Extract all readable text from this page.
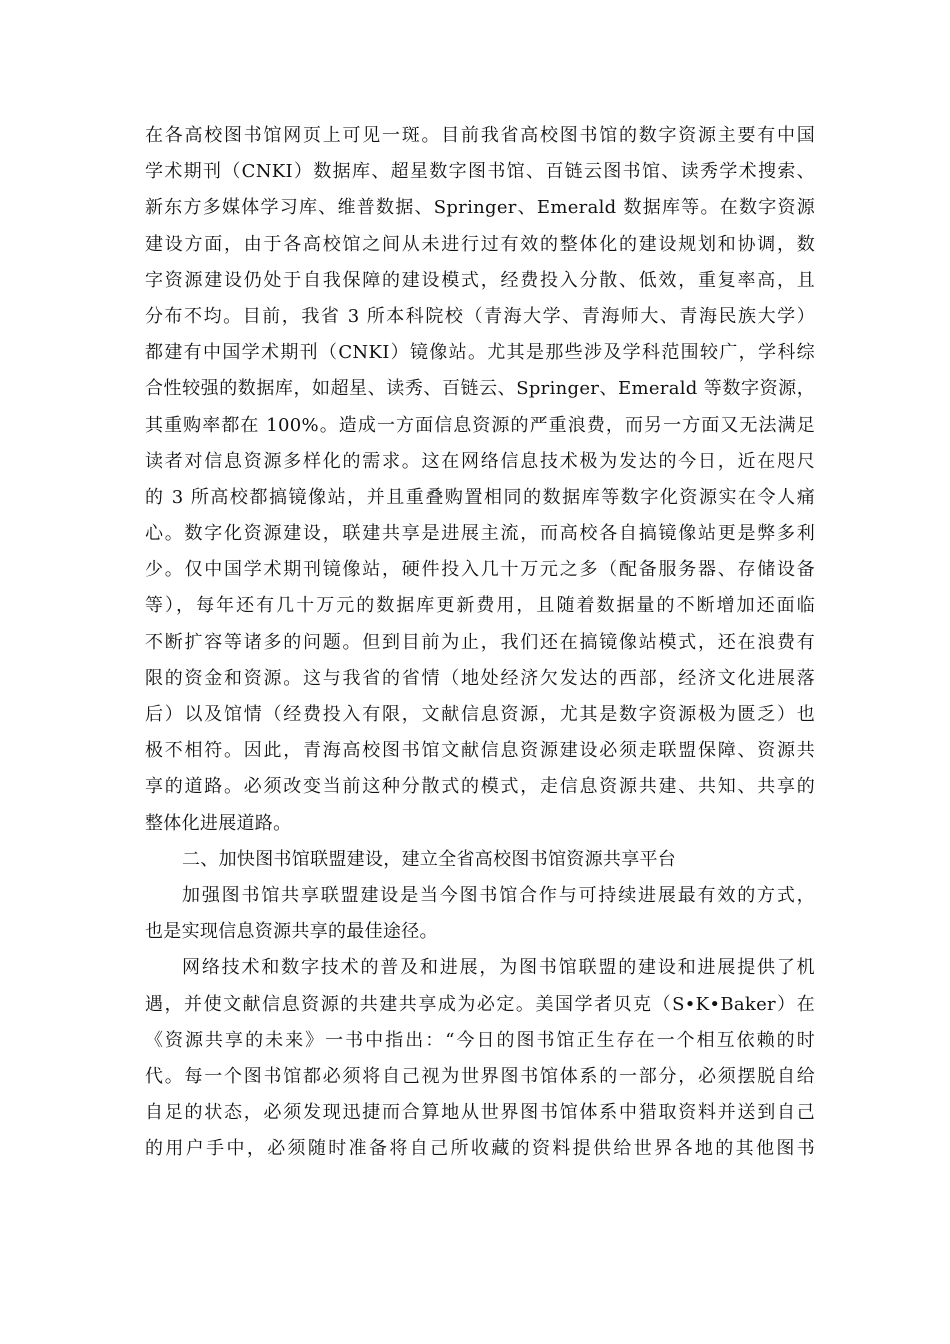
在各高校图书馆网页上可见一斑。目前我省高校图书馆的数字资源主要有中国
学术期刊（CNKI）数据库、超星数字图书馆、百链云图书馆、读秀学术搜索、
新东方多媒体学习库、维普数据、Springer、Emerald 数据库等。在数字资源
建设方面，由于各高校馆之间从未进行过有效的整体化的建设规划和协调，数
字资源建设仍处于自我保障的建设模式，经费投入分散、低效，重复率高，且
分布不均。目前，我省 3 所本科院校（青海大学、青海师大、青海民族大学）
都建有中国学术期刊（CNKI）镜像站。尤其是那些涉及学科范围较广，学科综
合性较强的数据库，如超星、读秀、百链云、Springer、Emerald 等数字资源，
其重购率都在 100%。造成一方面信息资源的严重浪费，而另一方面又无法满足
读者对信息资源多样化的需求。这在网络信息技术极为发达的今日，近在咫尺
的 3 所高校都搞镜像站，并且重叠购置相同的数据库等数字化资源实在令人痛
心。数字化资源建设，联建共享是进展主流，而高校各自搞镜像站更是弊多利
少。仅中国学术期刊镜像站，硬件投入几十万元之多（配备服务器、存储设备
等），每年还有几十万元的数据库更新费用，且随着数据量的不断增加还面临
不断扩容等诸多的问题。但到目前为止，我们还在搞镜像站模式，还在浪费有
限的资金和资源。这与我省的省情（地处经济欠发达的西部，经济文化进展落
后）以及馆情（经费投入有限，文献信息资源，尤其是数字资源极为匮乏）也
极不相符。因此，青海高校图书馆文献信息资源建设必须走联盟保障、资源共
享的道路。必须改变当前这种分散式的模式，走信息资源共建、共知、共享的
整体化进展道路。
二、加快图书馆联盟建设，建立全省高校图书馆资源共享平台
加强图书馆共享联盟建设是当今图书馆合作与可持续进展最有效的方式，
也是实现信息资源共享的最佳途径。
网络技术和数字技术的普及和进展，为图书馆联盟的建设和进展提供了机
遇，并使文献信息资源的共建共享成为必定。美国学者贝克（S•K•Baker）在
《资源共享的未来》一书中指出：“今日的图书馆正生存在一个相互依赖的时
代。每一个图书馆都必须将自己视为世界图书馆体系的一部分，必须摆脱自给
自足的状态，必须发现迅捷而合算地从世界图书馆体系中猎取资料并送到自己
的用户手中，必须随时准备将自己所收藏的资料提供给世界各地的其他图书
